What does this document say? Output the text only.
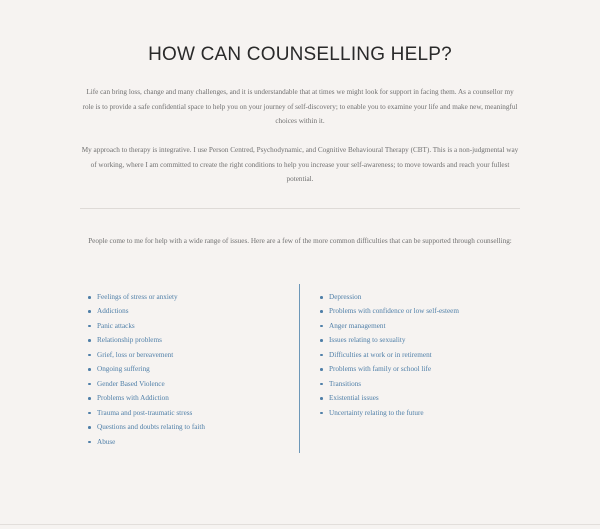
HOW CAN COUNSELLING HELP?

Life can bring loss, change and many challenges, and it is understandable that at times we might look for support in facing them. As a counsellor my role is to provide a safe confidential space to help you on your journey of self-discovery; to enable you to examine your life and make new, meaningful choices within it.

My approach to therapy is integrative. I use Person Centred, Psychodynamic, and Cognitive Behavioural Therapy (CBT). This is a non-judgmental way of working, where I am committed to create the right conditions to help you increase your self-awareness; to move towards and reach your fullest potential.

People come to me for help with a wide range of issues. Here are a few of the more common difficulties that can be supported through counselling:

Feelings of stress or anxiety
Addictions
Panic attacks
Relationship problems
Grief, loss or bereavement
Ongoing suffering
Gender Based Violence
Problems with Addiction
Trauma and post-traumatic stress
Questions and doubts relating to faith
Abuse
Depression
Problems with confidence or low self-esteem
Anger management
Issues relating to sexuality
Difficulties at work or in retirement
Problems with family or school life
Transitions
Existential issues
Uncertainty relating to the future
